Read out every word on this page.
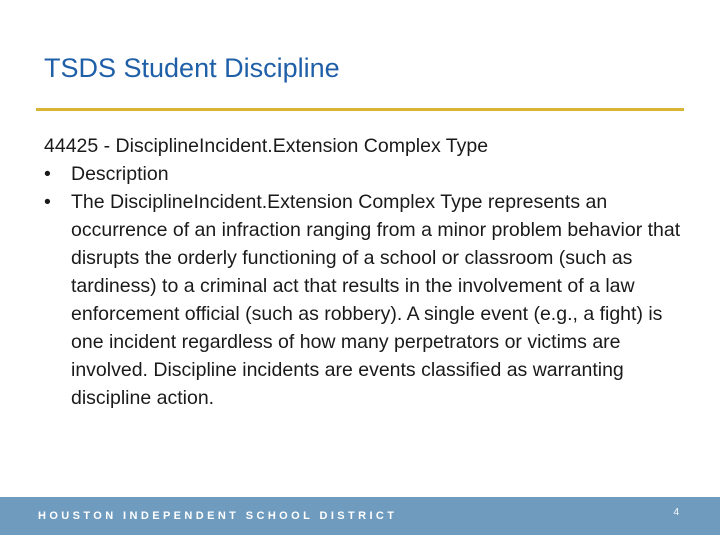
TSDS Student Discipline

44425 - DisciplineIncident.Extension Complex Type

• Description
• The DisciplineIncident.Extension Complex Type represents an occurrence of an infraction ranging from a minor problem behavior that disrupts the orderly functioning of a school or classroom (such as tardiness) to a criminal act that results in the involvement of a law enforcement official (such as robbery). A single event (e.g., a fight) is one incident regardless of how many perpetrators or victims are involved. Discipline incidents are events classified as warranting discipline action.
HOUSTON INDEPENDENT SCHOOL DISTRICT	4
